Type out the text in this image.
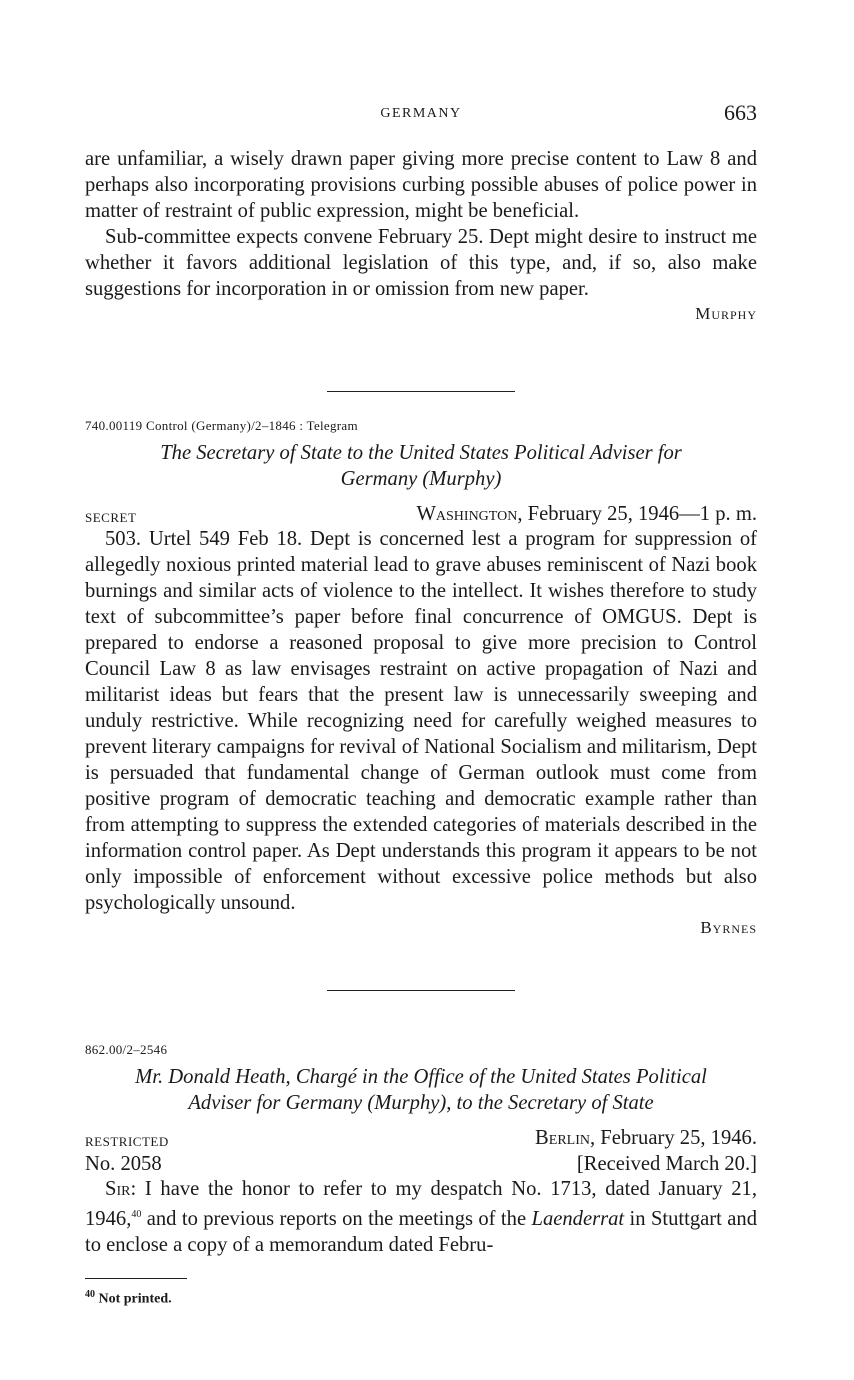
GERMANY	663

are unfamiliar, a wisely drawn paper giving more precise content to Law 8 and perhaps also incorporating provisions curbing possible abuses of police power in matter of restraint of public expression, might be beneficial.

Sub-committee expects convene February 25. Dept might desire to instruct me whether it favors additional legislation of this type, and, if so, also make suggestions for incorporation in or omission from new paper.

Murphy
740.00119 Control (Germany)/2–1846 : Telegram

The Secretary of State to the United States Political Adviser for

Germany (Murphy)

SECRET	Washington, February 25, 1946—1 p. m.

503. Urtel 549 Feb 18. Dept is concerned lest a program for suppression of allegedly noxious printed material lead to grave abuses reminiscent of Nazi book burnings and similar acts of violence to the intellect. It wishes therefore to study text of subcommittee’s paper before final concurrence of OMGUS. Dept is prepared to endorse a reasoned proposal to give more precision to Control Council Law 8 as law envisages restraint on active propagation of Nazi and militarist ideas but fears that the present law is unnecessarily sweeping and unduly restrictive. While recognizing need for carefully weighed measures to prevent literary campaigns for revival of National Socialism and militarism, Dept is persuaded that fundamental change of German outlook must come from positive program of democratic teaching and democratic example rather than from attempting to suppress the extended categories of materials described in the information control paper. As Dept understands this program it appears to be not only impossible of enforcement without excessive police methods but also psychologically unsound.

Byrnes
862.00/2–2546

Mr. Donald Heath, Chargé in the Office of the United States Political

Adviser for Germany (Murphy), to the Secretary of State

RESTRICTED	Berlin, February 25, 1946.
No. 2058	[Received March 20.]

Sir: I have the honor to refer to my despatch No. 1713, dated January 21, 1946,40 and to previous reports on the meetings of the Laenderrat in Stuttgart and to enclose a copy of a memorandum dated Febru-

$^{40}$ Not printed.
